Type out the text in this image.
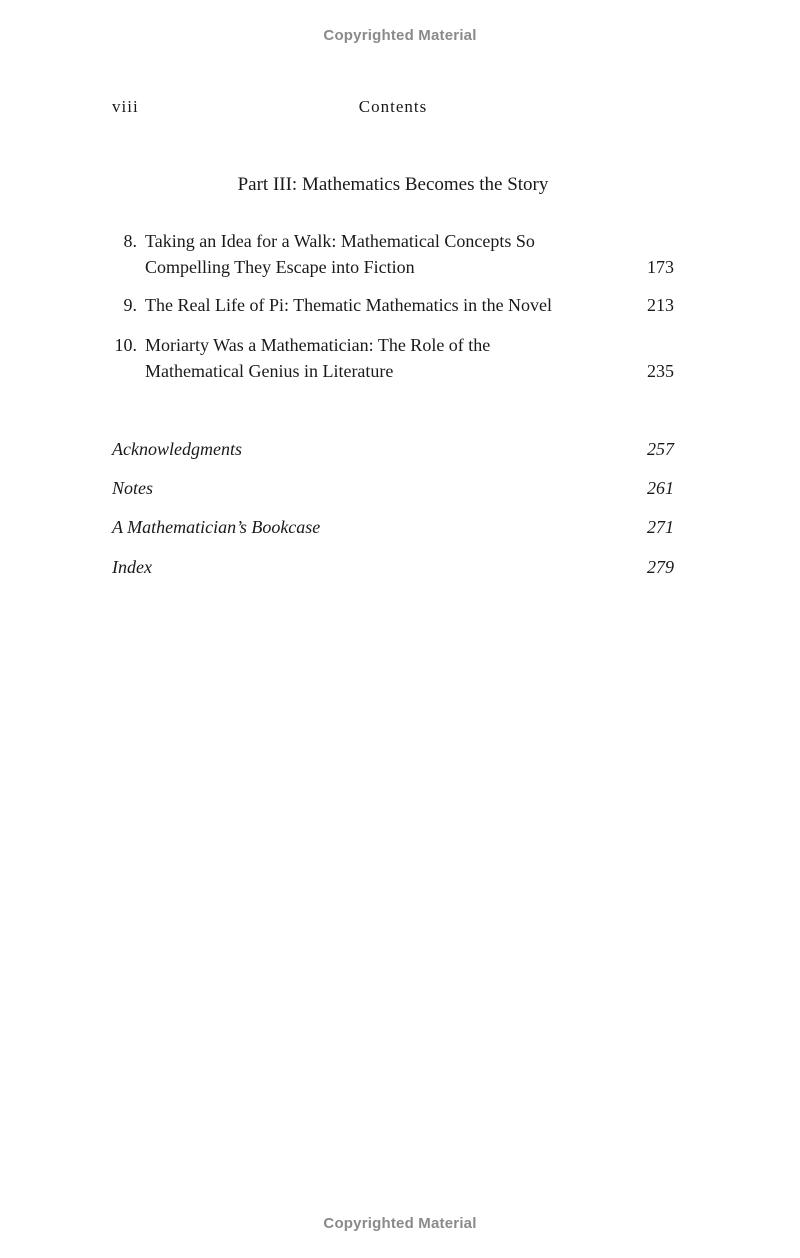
Copyrighted Material
viii	Contents
Part III: Mathematics Becomes the Story
8. Taking an Idea for a Walk: Mathematical Concepts So
Compelling They Escape into Fiction	173
9. The Real Life of Pi: Thematic Mathematics in the Novel	213
10. Moriarty Was a Mathematician: The Role of the
Mathematical Genius in Literature	235
Acknowledgments	257
Notes	261
A Mathematician’s Bookcase	271
Index	279
Copyrighted Material
